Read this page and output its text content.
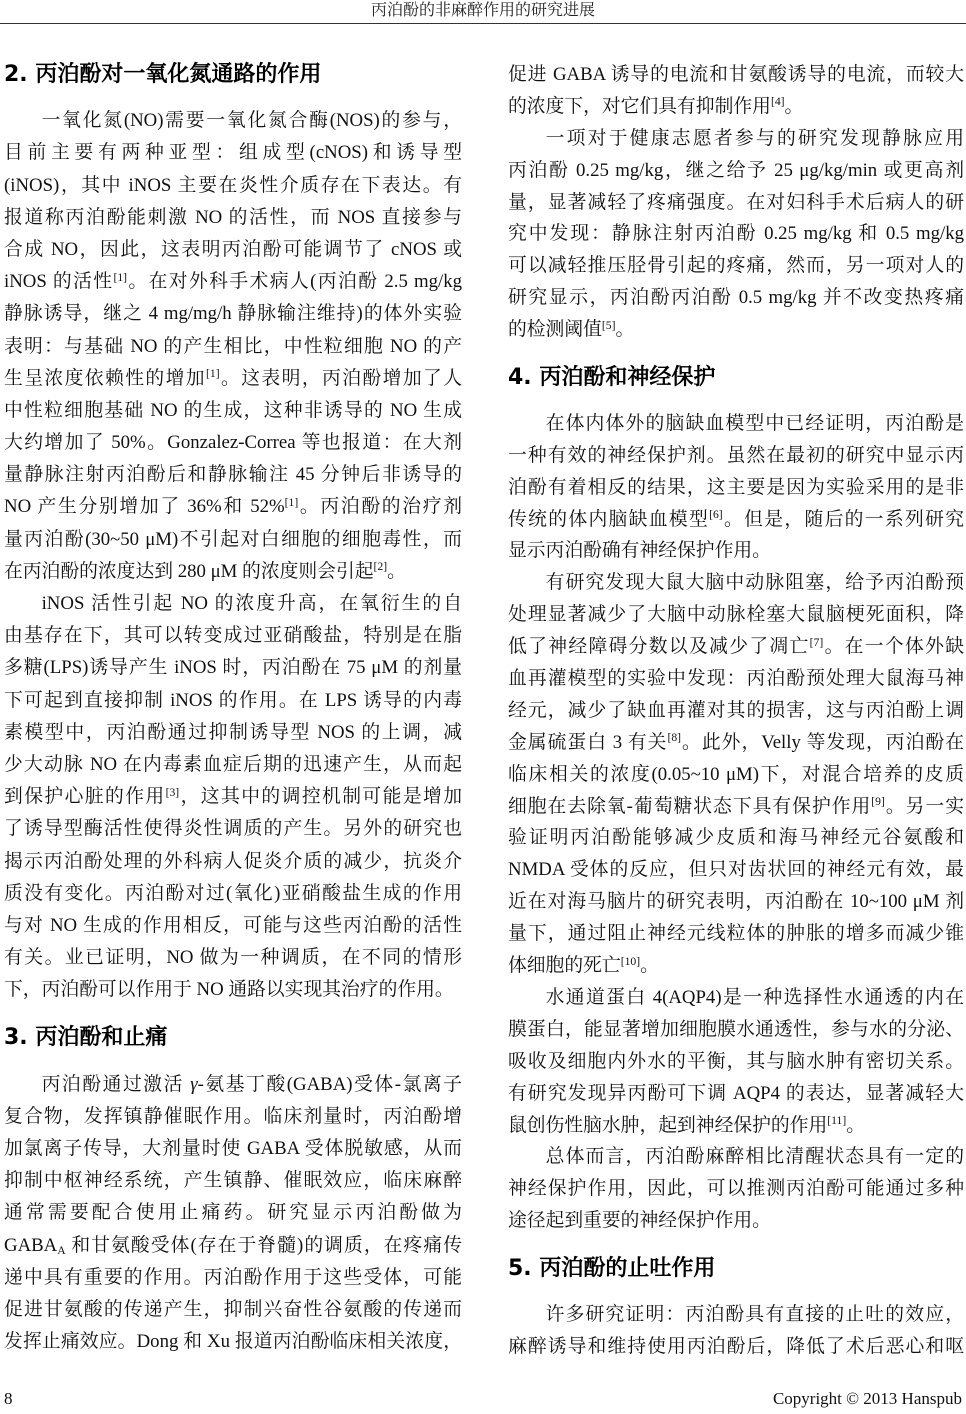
丙泊酚的非麻醉作用的研究进展
2. 丙泊酚对一氧化氮通路的作用
一氧化氮(NO)需要一氧化氮合酶(NOS)的参与，
目前主要有两种亚型：组成型(cNOS)和诱导型
(iNOS)，其中 iNOS 主要在炎性介质存在下表达。有
报道称丙泊酚能刺激 NO 的活性，而 NOS 直接参与
合成 NO，因此，这表明丙泊酚可能调节了 cNOS 或
iNOS 的活性[1]。在对外科手术病人(丙泊酚 2.5 mg/kg
静脉诱导，继之 4 mg/mg/h 静脉输注维持)的体外实验
表明：与基础 NO 的产生相比，中性粒细胞 NO 的产
生呈浓度依赖性的增加[1]。这表明，丙泊酚增加了人
中性粒细胞基础 NO 的生成，这种非诱导的 NO 生成
大约增加了 50%。Gonzalez-Correa 等也报道：在大剂
量静脉注射丙泊酚后和静脉输注 45 分钟后非诱导的
NO 产生分别增加了 36%和 52%[1]。丙泊酚的治疗剂
量丙泊酚(30~50 μM)不引起对白细胞的细胞毒性，而
在丙泊酚的浓度达到 280 μM 的浓度则会引起[2]。
iNOS 活性引起 NO 的浓度升高，在氧衍生的自
由基存在下，其可以转变成过亚硝酸盐，特别是在脂
多糖(LPS)诱导产生 iNOS 时，丙泊酚在 75 μM 的剂量
下可起到直接抑制 iNOS 的作用。在 LPS 诱导的内毒
素模型中，丙泊酚通过抑制诱导型 NOS 的上调，减
少大动脉 NO 在内毒素血症后期的迅速产生，从而起
到保护心脏的作用[3]，这其中的调控机制可能是增加
了诱导型酶活性使得炎性调质的产生。另外的研究也
揭示丙泊酚处理的外科病人促炎介质的减少，抗炎介
质没有变化。丙泊酚对过(氧化)亚硝酸盐生成的作用
与对 NO 生成的作用相反，可能与这些丙泊酚的活性
有关。业已证明，NO 做为一种调质，在不同的情形
下，丙泊酚可以作用于 NO 通路以实现其治疗的作用。
3. 丙泊酚和止痛
丙泊酚通过激活 γ-氨基丁酸(GABA)受体-氯离子
复合物，发挥镇静催眠作用。临床剂量时，丙泊酚增
加氯离子传导，大剂量时使 GABA 受体脱敏感，从而
抑制中枢神经系统，产生镇静、催眠效应，临床麻醉
通常需要配合使用止痛药。研究显示丙泊酚做为
$GABA_A$ 和甘氨酸受体(存在于脊髓)的调质，在疼痛传
递中具有重要的作用。丙泊酚作用于这些受体，可能
促进甘氨酸的传递产生，抑制兴奋性谷氨酸的传递而
发挥止痛效应。Dong 和 Xu 报道丙泊酚临床相关浓度，
促进 GABA 诱导的电流和甘氨酸诱导的电流，而较大
的浓度下，对它们具有抑制作用[4]。
一项对于健康志愿者参与的研究发现静脉应用
丙泊酚 0.25 mg/kg，继之给予 25 μg/kg/min 或更高剂
量，显著减轻了疼痛强度。在对妇科手术后病人的研
究中发现：静脉注射丙泊酚 0.25 mg/kg 和 0.5 mg/kg
可以减轻推压胫骨引起的疼痛，然而，另一项对人的
研究显示，丙泊酚丙泊酚 0.5 mg/kg 并不改变热疼痛
的检测阈值[5]。
4. 丙泊酚和神经保护
在体内体外的脑缺血模型中已经证明，丙泊酚是
一种有效的神经保护剂。虽然在最初的研究中显示丙
泊酚有着相反的结果，这主要是因为实验采用的是非
传统的体内脑缺血模型[6]。但是，随后的一系列研究
显示丙泊酚确有神经保护作用。
有研究发现大鼠大脑中动脉阻塞，给予丙泊酚预
处理显著减少了大脑中动脉栓塞大鼠脑梗死面积，降
低了神经障碍分数以及减少了凋亡[7]。在一个体外缺
血再灌模型的实验中发现：丙泊酚预处理大鼠海马神
经元，减少了缺血再灌对其的损害，这与丙泊酚上调
金属硫蛋白 3 有关[8]。此外，Velly 等发现，丙泊酚在
临床相关的浓度(0.05~10 μM)下，对混合培养的皮质
细胞在去除氧-葡萄糖状态下具有保护作用[9]。另一实
验证明丙泊酚能够减少皮质和海马神经元谷氨酸和
NMDA 受体的反应，但只对齿状回的神经元有效，最
近在对海马脑片的研究表明，丙泊酚在 10~100 μM 剂
量下，通过阻止神经元线粒体的肿胀的增多而减少锥
体细胞的死亡[10]。
水通道蛋白 4(AQP4)是一种选择性水通透的内在
膜蛋白，能显著增加细胞膜水通透性，参与水的分泌、
吸收及细胞内外水的平衡，其与脑水肿有密切关系。
有研究发现异丙酚可下调 AQP4 的表达，显著减轻大
鼠创伤性脑水肿，起到神经保护的作用[11]。
总体而言，丙泊酚麻醉相比清醒状态具有一定的
神经保护作用，因此，可以推测丙泊酚可能通过多种
途径起到重要的神经保护作用。
5. 丙泊酚的止吐作用
许多研究证明：丙泊酚具有直接的止吐的效应，
麻醉诱导和维持使用丙泊酚后，降低了术后恶心和呕
8	Copyright © 2013 Hanspub
